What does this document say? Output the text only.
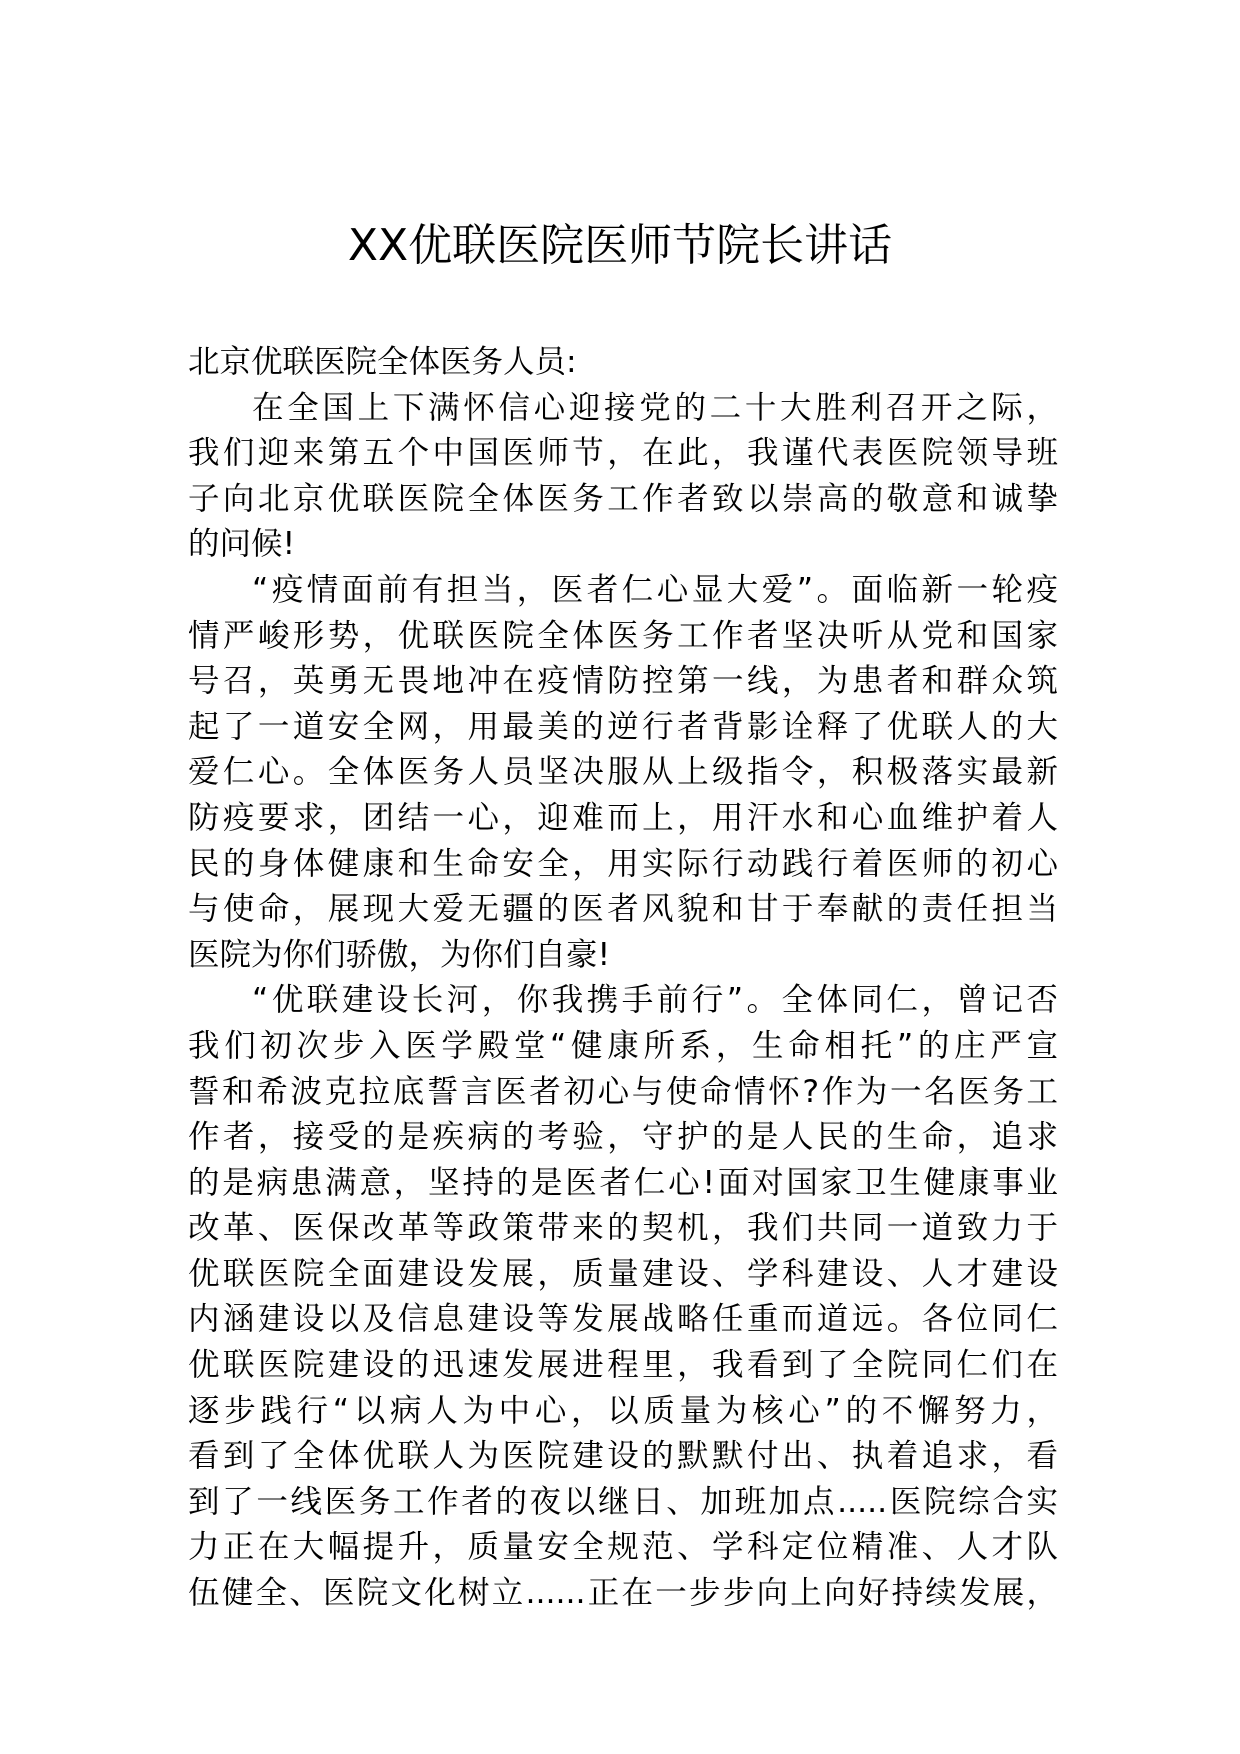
XX优联医院医师节院长讲话
北京优联医院全体医务人员:
在全国上下满怀信心迎接党的二十大胜利召开之际，
我们迎来第五个中国医师节，在此，我谨代表医院领导班
子向北京优联医院全体医务工作者致以崇高的敬意和诚挚
的问候!
“疫情面前有担当，医者仁心显大爱”。面临新一轮疫
情严峻形势，优联医院全体医务工作者坚决听从党和国家
号召，英勇无畏地冲在疫情防控第一线，为患者和群众筑
起了一道安全网，用最美的逆行者背影诠释了优联人的大
爱仁心。全体医务人员坚决服从上级指令，积极落实最新
防疫要求，团结一心，迎难而上，用汗水和心血维护着人
民的身体健康和生命安全，用实际行动践行着医师的初心
与使命，展现大爱无疆的医者风貌和甘于奉献的责任担当
医院为你们骄傲，为你们自豪!
“优联建设长河，你我携手前行”。全体同仁，曾记否
我们初次步入医学殿堂“健康所系，生命相托”的庄严宣
誓和希波克拉底誓言医者初心与使命情怀?作为一名医务工
作者，接受的是疾病的考验，守护的是人民的生命，追求
的是病患满意，坚持的是医者仁心!面对国家卫生健康事业
改革、医保改革等政策带来的契机，我们共同一道致力于
优联医院全面建设发展，质量建设、学科建设、人才建设
内涵建设以及信息建设等发展战略任重而道远。各位同仁
优联医院建设的迅速发展进程里，我看到了全院同仁们在
逐步践行“以病人为中心，以质量为核心”的不懈努力，
看到了全体优联人为医院建设的默默付出、执着追求，看
到了一线医务工作者的夜以继日、加班加点.....医院综合实
力正在大幅提升，质量安全规范、学科定位精准、人才队
伍健全、医院文化树立......正在一步步向上向好持续发展，
